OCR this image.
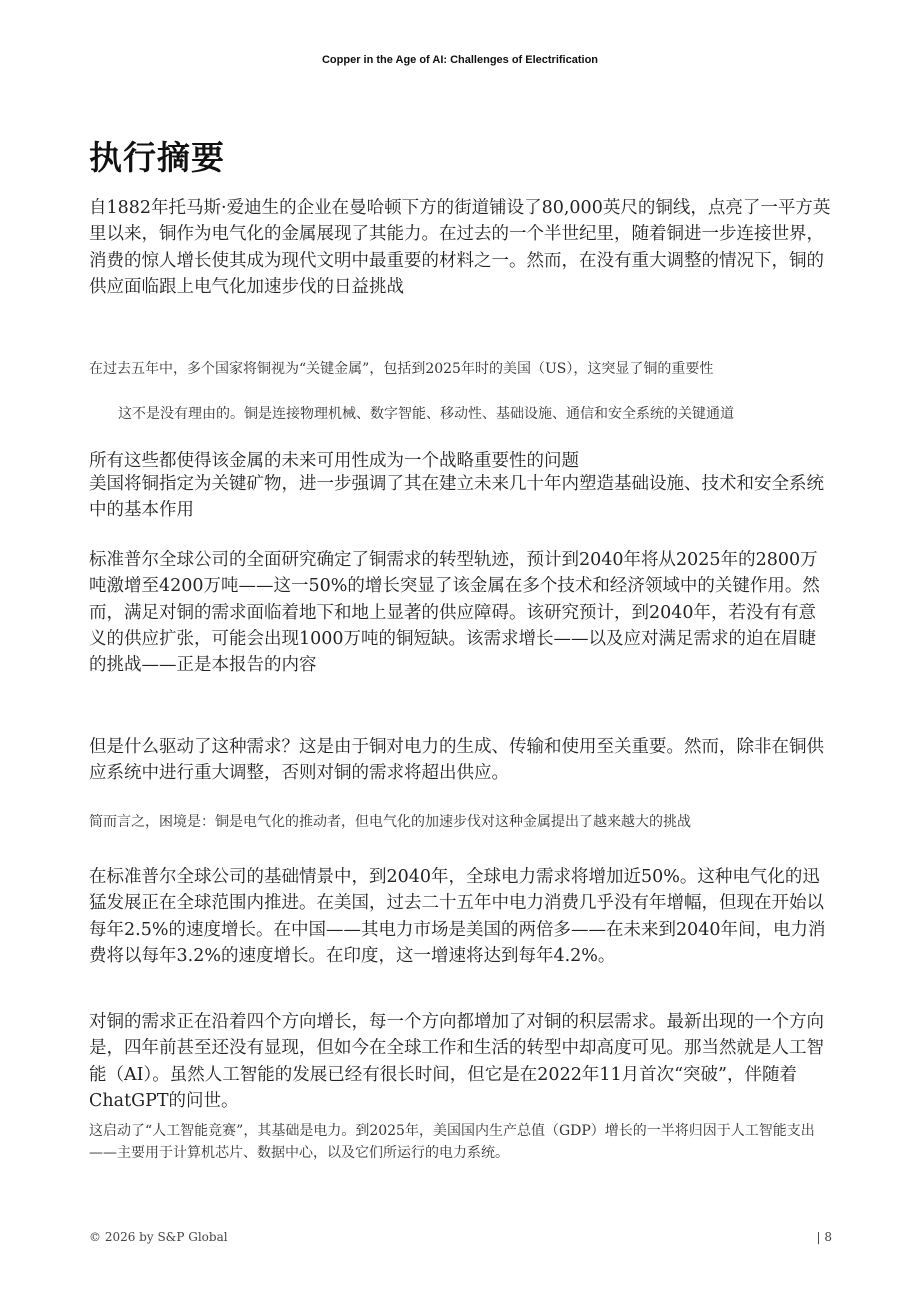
Copper in the Age of AI: Challenges of Electrification
执行摘要

自1882年托马斯·爱迪生的企业在曼哈顿下方的街道铺设了80,000英尺的铜线，点亮了一平方英里以来，铜作为电气化的金属展现了其能力。在过去的一个半世纪里，随着铜进一步连接世界，消费的惊人增长使其成为现代文明中最重要的材料之一。然而，在没有重大调整的情况下，铜的供应面临跟上电气化加速步伐的日益挑战

在过去五年中，多个国家将铜视为“关键金属”，包括到2025年时的美国（US），这突显了铜的重要性

这不是没有理由的。铜是连接物理机械、数字智能、移动性、基础设施、通信和安全系统的关键通道

所有这些都使得该金属的未来可用性成为一个战略重要性的问题

美国将铜指定为关键矿物，进一步强调了其在建立未来几十年内塑造基础设施、技术和安全系统中的基本作用

标准普尔全球公司的全面研究确定了铜需求的转型轨迹，预计到2040年将从2025年的2800万吨激增至4200万吨——这一50%的增长突显了该金属在多个技术和经济领域中的关键作用。然而，满足对铜的需求面临着地下和地上显著的供应障碍。该研究预计，到2040年，若没有有意义的供应扩张，可能会出现1000万吨的铜短缺。该需求增长——以及应对满足需求的迫在眉睫的挑战——正是本报告的内容

但是什么驱动了这种需求？这是由于铜对电力的生成、传输和使用至关重要。然而，除非在铜供应系统中进行重大调整，否则对铜的需求将超出供应。

简而言之，困境是：铜是电气化的推动者，但电气化的加速步伐对这种金属提出了越来越大的挑战

在标准普尔全球公司的基础情景中，到2040年，全球电力需求将增加近50%。这种电气化的迅猛发展正在全球范围内推进。在美国，过去二十五年中电力消费几乎没有年增幅，但现在开始以每年2.5%的速度增长。在中国——其电力市场是美国的两倍多——在未来到2040年间，电力消费将以每年3.2%的速度增长。在印度，这一增速将达到每年4.2%。

对铜的需求正在沿着四个方向增长，每一个方向都增加了对铜的积层需求。最新出现的一个方向是，四年前甚至还没有显现，但如今在全球工作和生活的转型中却高度可见。那当然就是人工智能（AI）。虽然人工智能的发展已经有很长时间，但它是在2022年11月首次“突破”，伴随着ChatGPT的问世。

这启动了“人工智能竞赛”，其基础是电力。到2025年，美国国内生产总值（GDP）增长的一半将归因于人工智能支出——主要用于计算机芯片、数据中心，以及它们所运行的电力系统。

© 2026 by S&P Global	| 8
